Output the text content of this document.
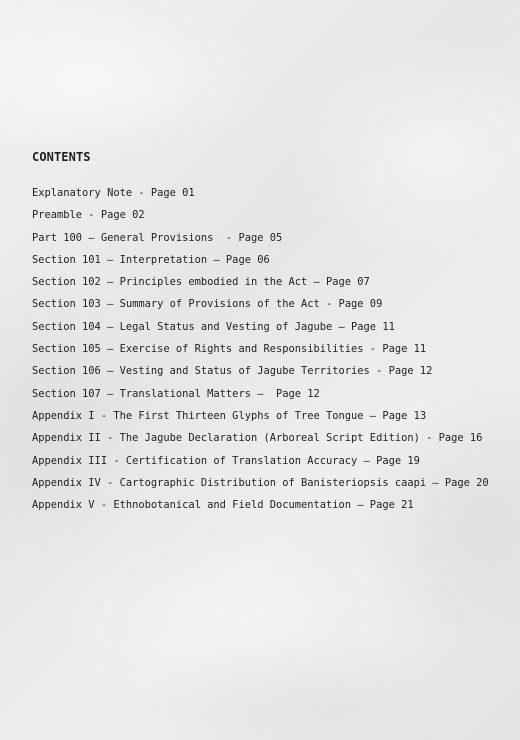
CONTENTS
Explanatory Note - Page 01
Preamble - Page 02
Part 100 – General Provisions  - Page 05
Section 101 – Interpretation – Page 06
Section 102 – Principles embodied in the Act – Page 07
Section 103 – Summary of Provisions of the Act - Page 09
Section 104 – Legal Status and Vesting of Jagube – Page 11
Section 105 – Exercise of Rights and Responsibilities - Page 11
Section 106 – Vesting and Status of Jagube Territories - Page 12
Section 107 – Translational Matters –  Page 12
Appendix I - The First Thirteen Glyphs of Tree Tongue – Page 13
Appendix II - The Jagube Declaration (Arboreal Script Edition) - Page 16
Appendix III - Certification of Translation Accuracy – Page 19
Appendix IV - Cartographic Distribution of Banisteriopsis caapi – Page 20
Appendix V - Ethnobotanical and Field Documentation – Page 21
